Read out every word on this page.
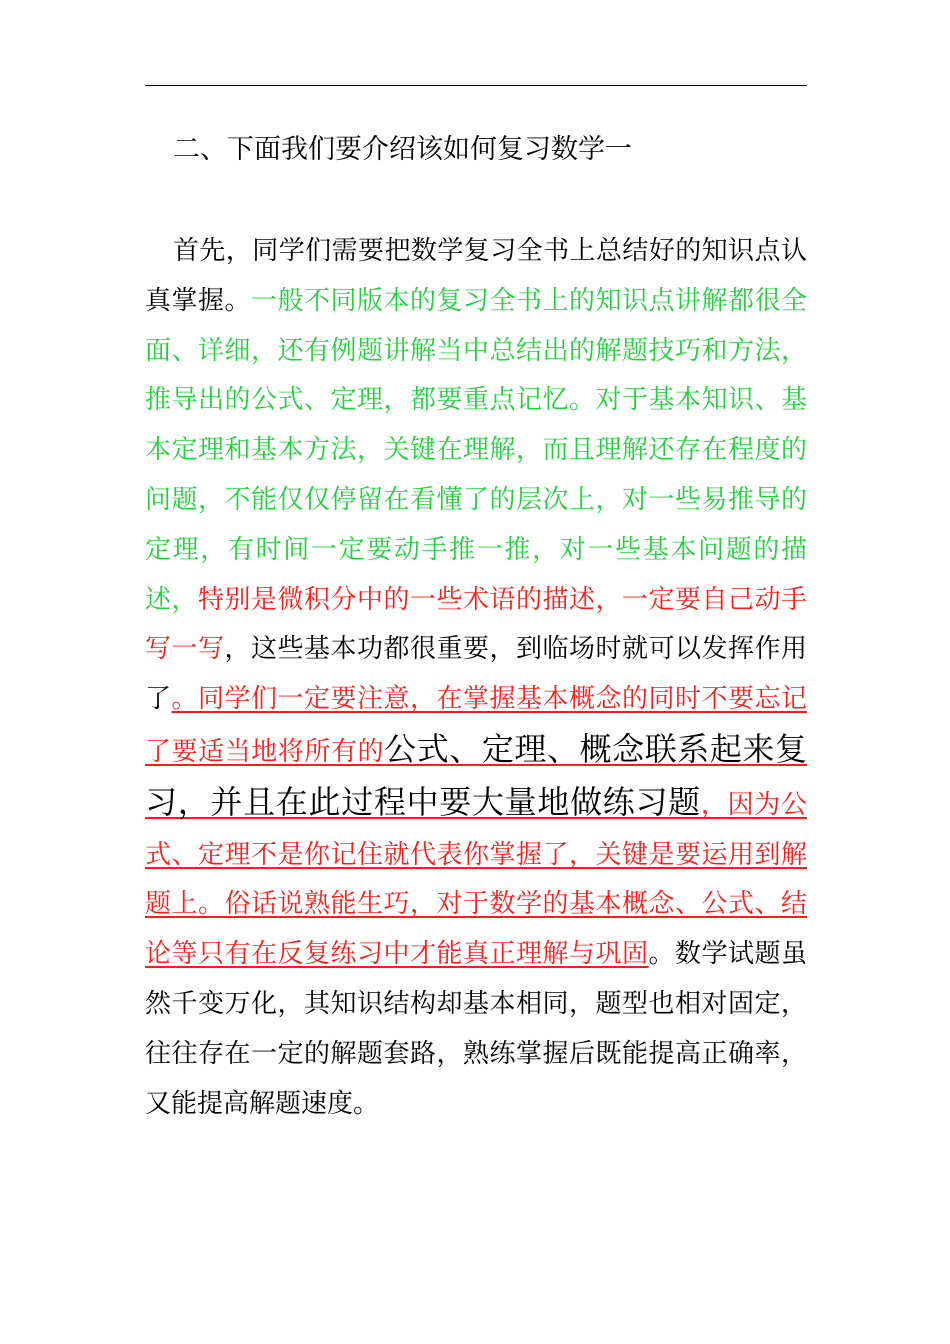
二、下面我们要介绍该如何复习数学一

首先，同学们需要把数学复习全书上总结好的知识点认真掌握。一般不同版本的复习全书上的知识点讲解都很全面、详细，还有例题讲解当中总结出的解题技巧和方法，推导出的公式、定理，都要重点记忆。对于基本知识、基本定理和基本方法，关键在理解，而且理解还存在程度的问题，不能仅仅停留在看懂了的层次上，对一些易推导的定理，有时间一定要动手推一推，对一些基本问题的描述，特别是微积分中的一些术语的描述，一定要自己动手写一写，这些基本功都很重要，到临场时就可以发挥作用了。同学们一定要注意，在掌握基本概念的同时不要忘记了要适当地将所有的公式、定理、概念联系起来复习，并且在此过程中要大量地做练习题，因为公式、定理不是你记住就代表你掌握了，关键是要运用到解题上。俗话说熟能生巧，对于数学的基本概念、公式、结论等只有在反复练习中才能真正理解与巩固。数学试题虽然千变万化，其知识结构却基本相同，题型也相对固定，往往存在一定的解题套路，熟练掌握后既能提高正确率，又能提高解题速度。
